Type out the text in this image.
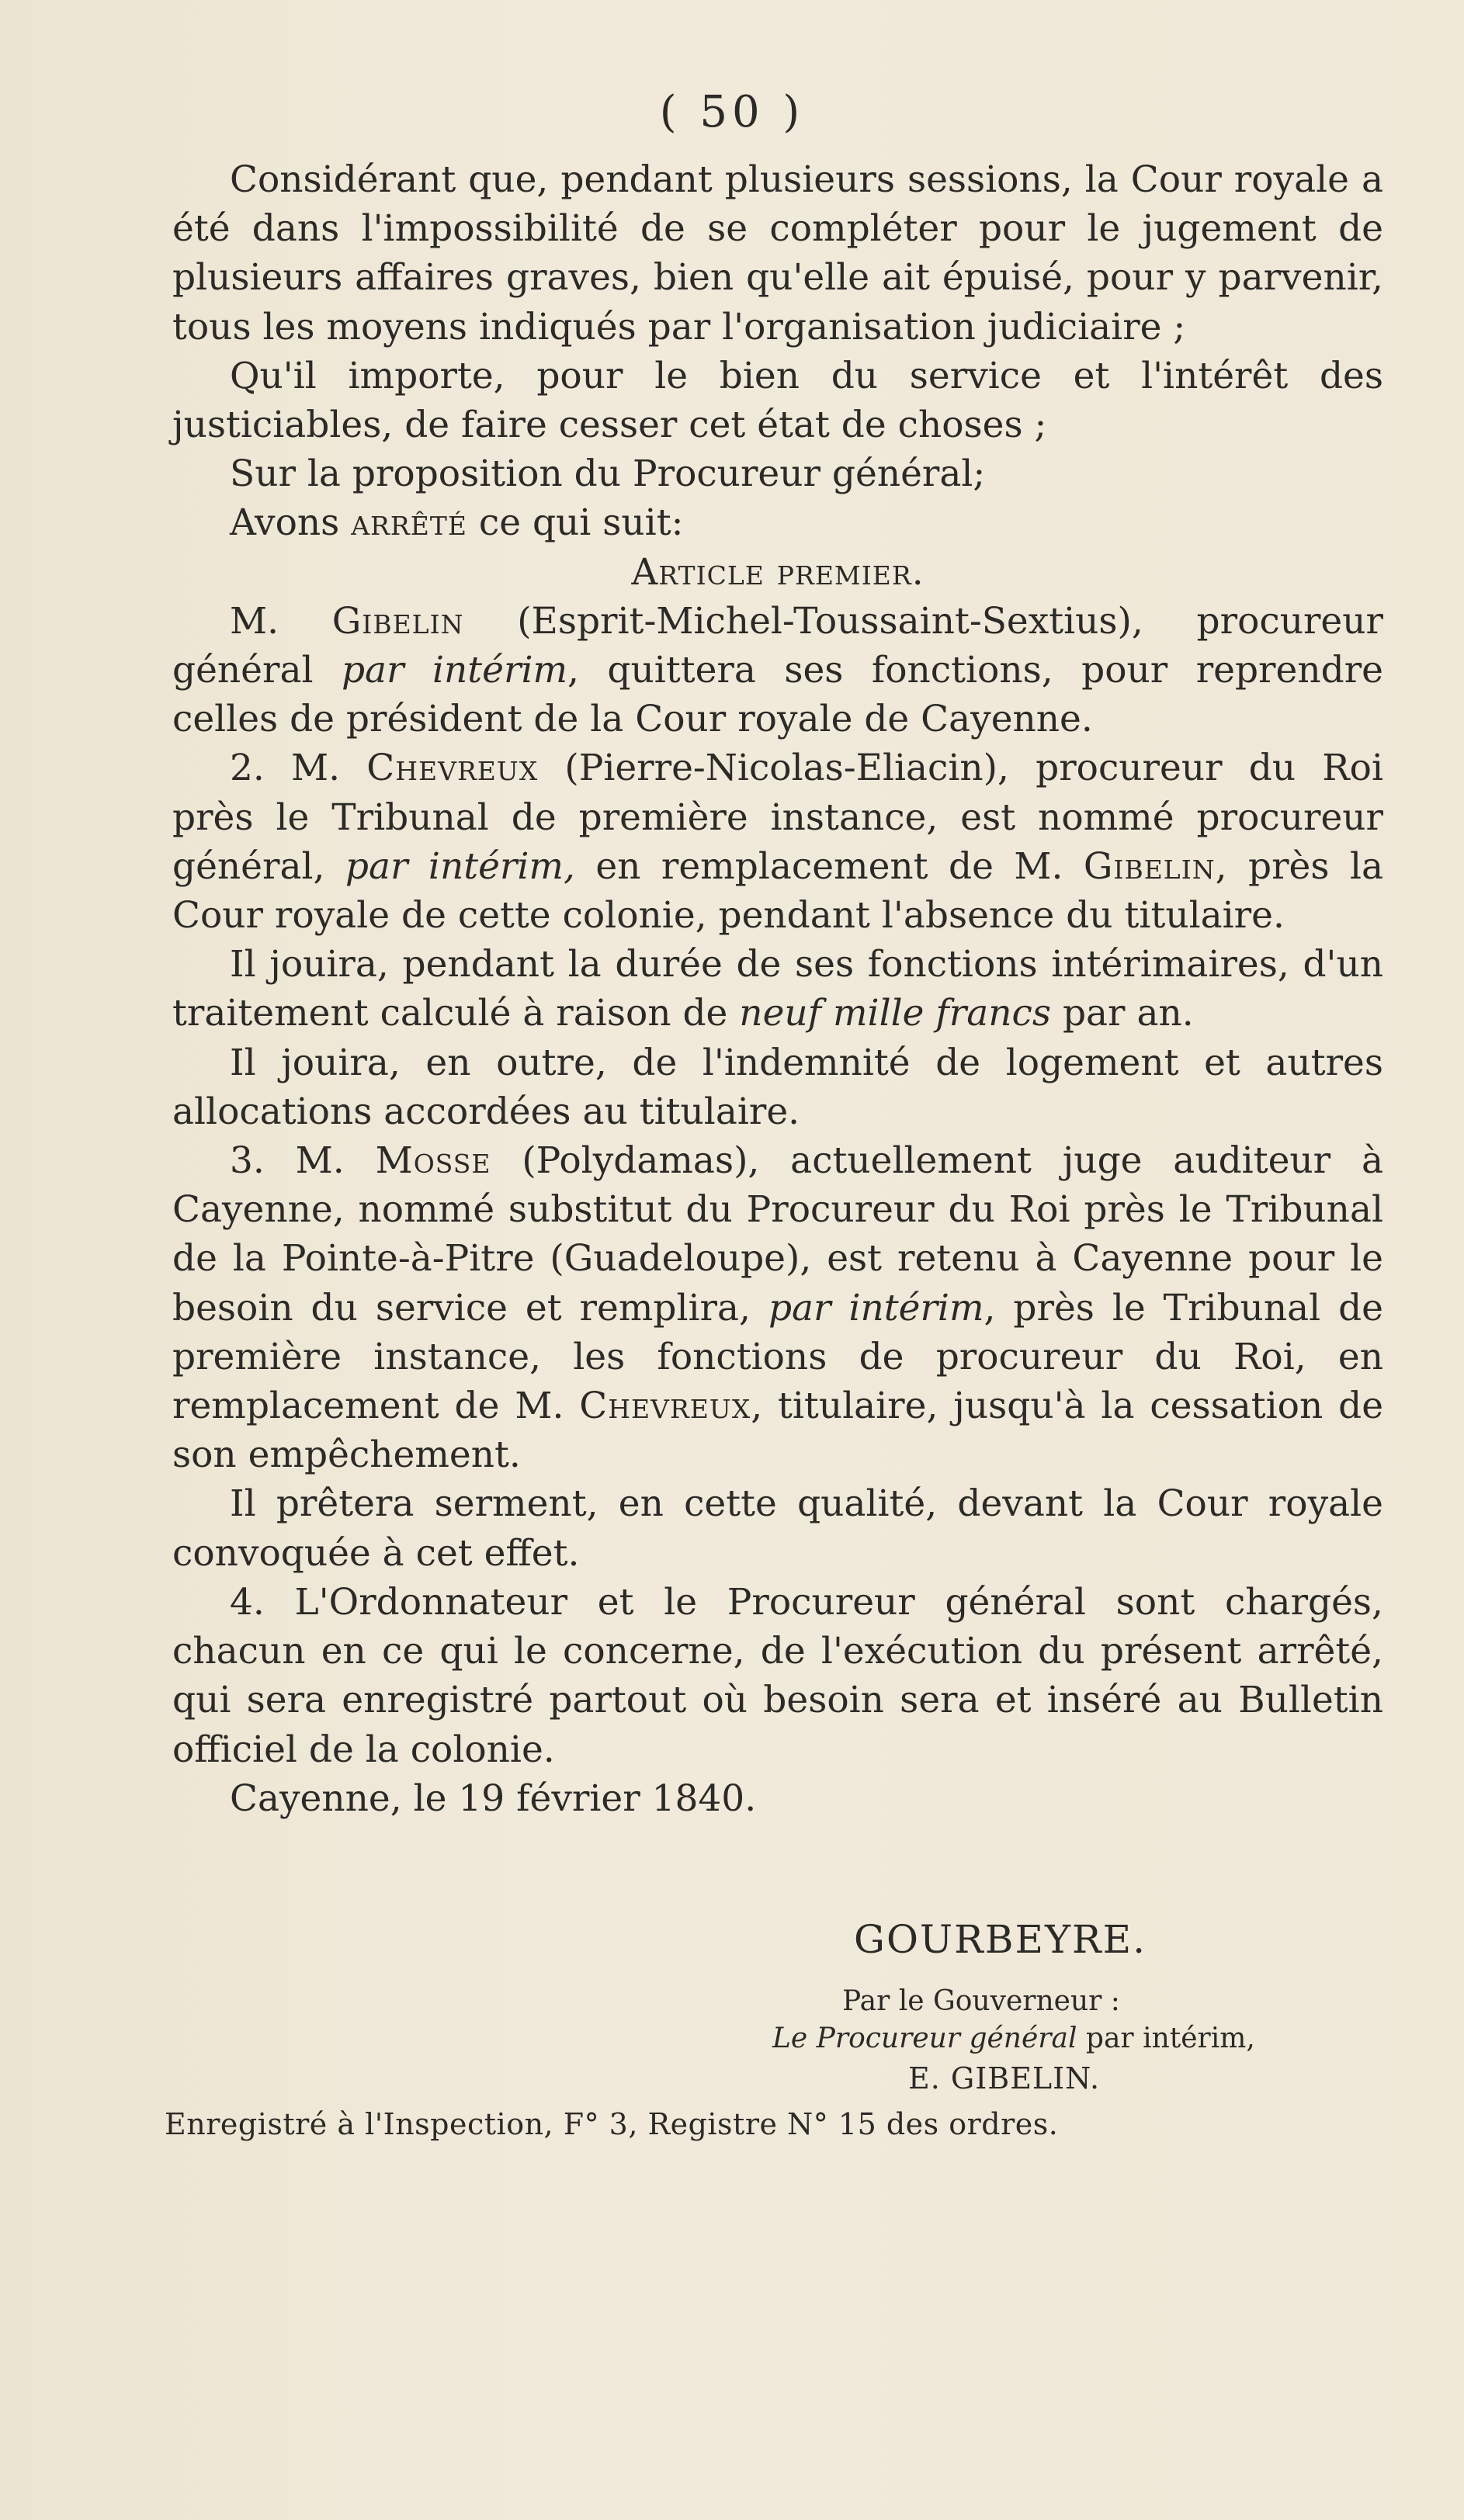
( 50 )

Considérant que, pendant plusieurs sessions, la Cour royale a été dans l'impossibilité de se compléter pour le jugement de plusieurs affaires graves, bien qu'elle ait épuisé, pour y parvenir, tous les moyens indiqués par l'organisation judiciaire ;

Qu'il importe, pour le bien du service et l'intérêt des justiciables, de faire cesser cet état de choses ;

Sur la proposition du Procureur général;

Avons arrêté ce qui suit:

Article premier.

M. Gibelin (Esprit-Michel-Toussaint-Sextius), procureur général par intérim, quittera ses fonctions, pour reprendre celles de président de la Cour royale de Cayenne.

2. M. Chevreux (Pierre-Nicolas-Eliacin), procureur du Roi près le Tribunal de première instance, est nommé procureur général, par intérim, en remplacement de M. Gibelin, près la Cour royale de cette colonie, pendant l'absence du titulaire.

Il jouira, pendant la durée de ses fonctions intérimaires, d'un traitement calculé à raison de neuf mille francs par an.

Il jouira, en outre, de l'indemnité de logement et autres allocations accordées au titulaire.

3. M. Mosse (Polydamas), actuellement juge auditeur à Cayenne, nommé substitut du Procureur du Roi près le Tribunal de la Pointe-à-Pitre (Guadeloupe), est retenu à Cayenne pour le besoin du service et remplira, par intérim, près le Tribunal de première instance, les fonctions de procureur du Roi, en remplacement de M. Chevreux, titulaire, jusqu'à la cessation de son empêchement.

Il prêtera serment, en cette qualité, devant la Cour royale convoquée à cet effet.

4. L'Ordonnateur et le Procureur général sont chargés, chacun en ce qui le concerne, de l'exécution du présent arrêté, qui sera enregistré partout où besoin sera et inséré au Bulletin officiel de la colonie.

Cayenne, le 19 février 1840.

GOURBEYRE.
Par le Gouverneur :
Le Procureur général par intérim,
E. GIBELIN.
Enregistré à l'Inspection, F° 3, Registre N° 15 des ordres.
